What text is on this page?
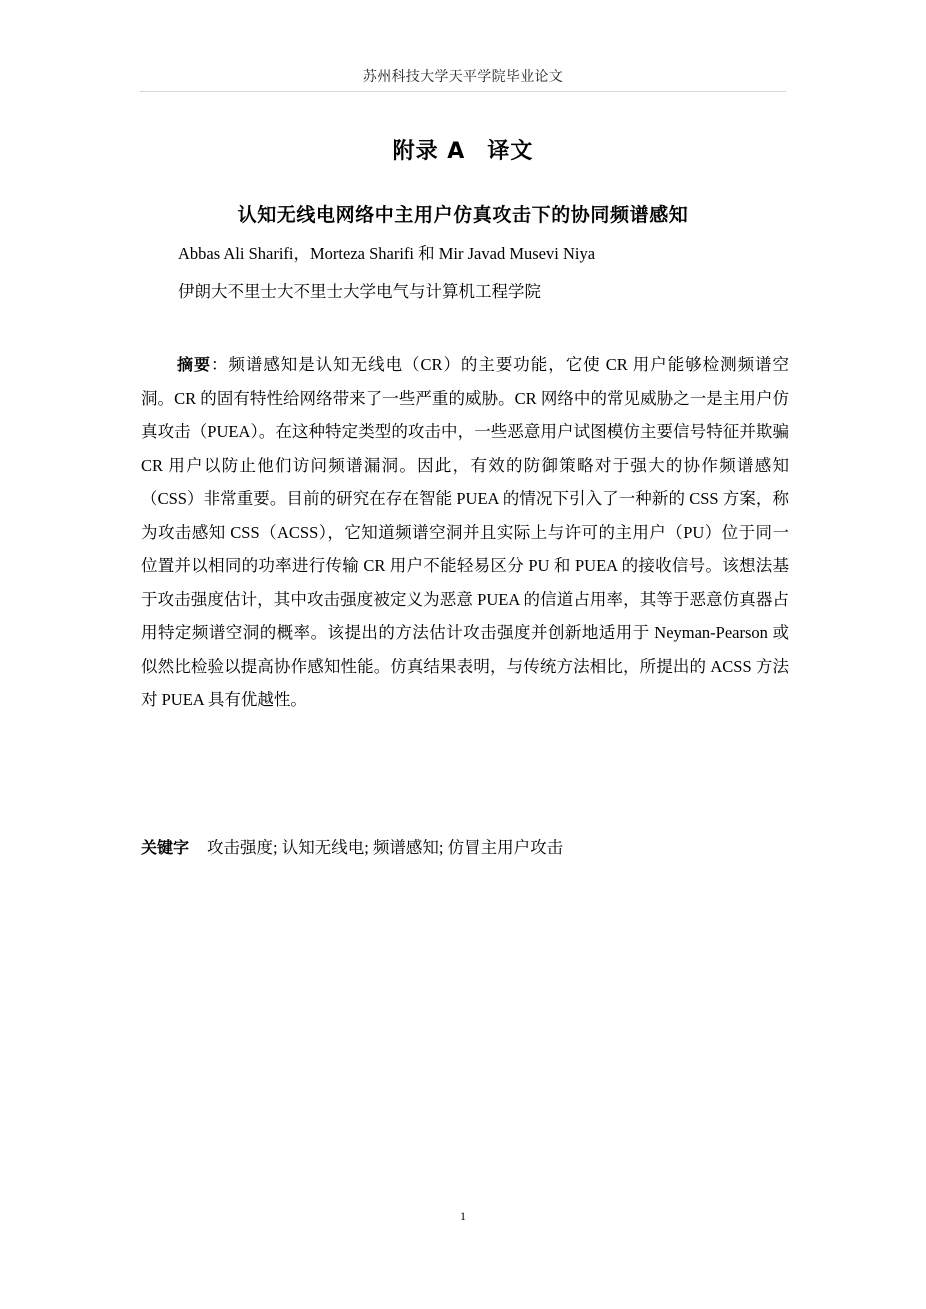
苏州科技大学天平学院毕业论文
附录 A 译文
认知无线电网络中主用户仿真攻击下的协同频谱感知
Abbas Ali Sharifi，Morteza Sharifi 和 Mir Javad Musevi Niya
伊朗大不里士大不里士大学电气与计算机工程学院

摘要：频谱感知是认知无线电（CR）的主要功能，它使 CR 用户能够检测频谱空洞。CR 的固有特性给网络带来了一些严重的威胁。CR 网络中的常见威胁之一是主用户仿真攻击（PUEA）。在这种特定类型的攻击中，一些恶意用户试图模仿主要信号特征并欺骗 CR 用户以防止他们访问频谱漏洞。因此，有效的防御策略对于强大的协作频谱感知（CSS）非常重要。目前的研究在存在智能 PUEA 的情况下引入了一种新的 CSS 方案，称为攻击感知 CSS（ACSS），它知道频谱空洞并且实际上与许可的主用户（PU）位于同一位置并以相同的功率进行传输 CR 用户不能轻易区分 PU 和 PUEA 的接收信号。该想法基于攻击强度估计，其中攻击强度被定义为恶意 PUEA 的信道占用率，其等于恶意仿真器占用特定频谱空洞的概率。该提出的方法估计攻击强度并创新地适用于 Neyman-Pearson 或似然比检验以提高协作感知性能。仿真结果表明，与传统方法相比，所提出的 ACSS 方法对 PUEA 具有优越性。

关键字 攻击强度; 认知无线电; 频谱感知; 仿冒主用户攻击
1
